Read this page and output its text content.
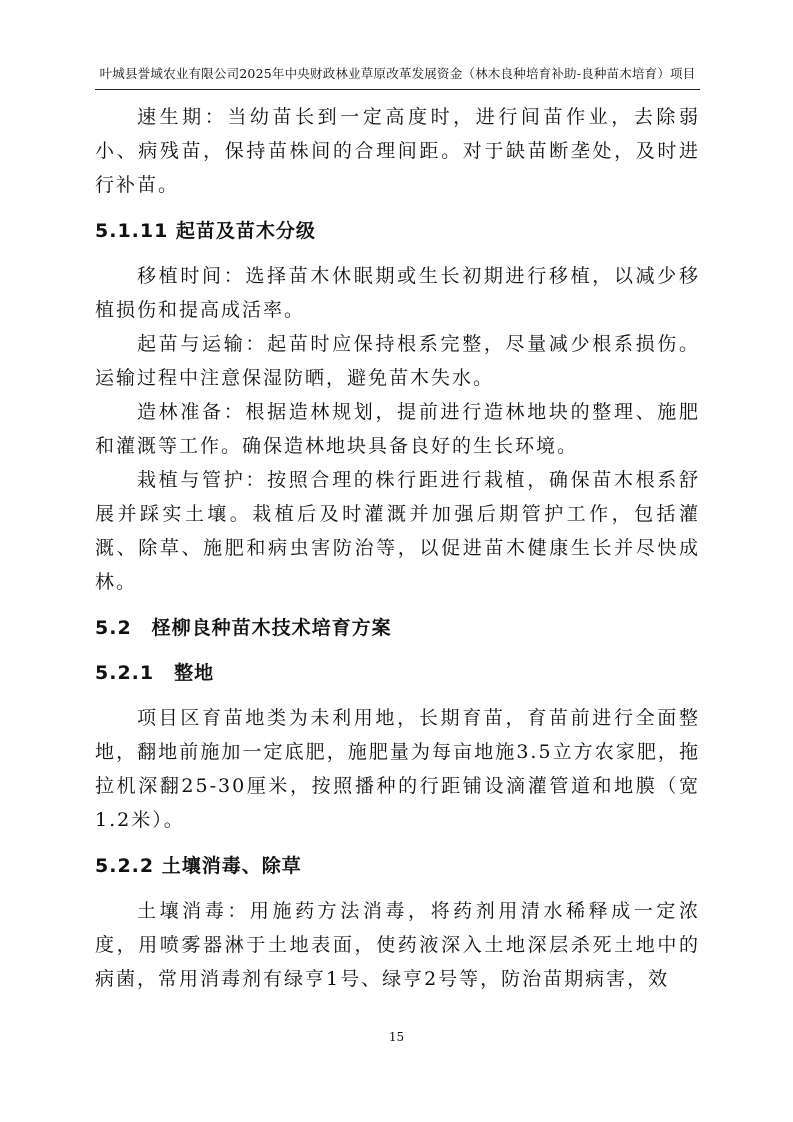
叶城县誉域农业有限公司2025年中央财政林业草原改革发展资金（林木良种培育补助-良种苗木培育）项目

速生期：当幼苗长到一定高度时，进行间苗作业，去除弱小、病残苗，保持苗株间的合理间距。对于缺苗断垄处，及时进行补苗。

5.1.11 起苗及苗木分级

移植时间：选择苗木休眠期或生长初期进行移植，以减少移植损伤和提高成活率。

起苗与运输：起苗时应保持根系完整，尽量减少根系损伤。运输过程中注意保湿防晒，避免苗木失水。

造林准备：根据造林规划，提前进行造林地块的整理、施肥和灌溉等工作。确保造林地块具备良好的生长环境。

栽植与管护：按照合理的株行距进行栽植，确保苗木根系舒展并踩实土壤。栽植后及时灌溉并加强后期管护工作，包括灌溉、除草、施肥和病虫害防治等，以促进苗木健康生长并尽快成林。

5.2　柽柳良种苗木技术培育方案
5.2.1　整地

项目区育苗地类为未利用地，长期育苗，育苗前进行全面整地，翻地前施加一定底肥，施肥量为每亩地施3.5立方农家肥，拖拉机深翻25-30厘米，按照播种的行距铺设滴灌管道和地膜（宽1.2米）。

5.2.2 土壤消毒、除草

土壤消毒：用施药方法消毒，将药剂用清水稀释成一定浓度，用喷雾器淋于土地表面，使药液深入土地深层杀死土地中的病菌，常用消毒剂有绿亨1号、绿亨2号等，防治苗期病害，效

15
